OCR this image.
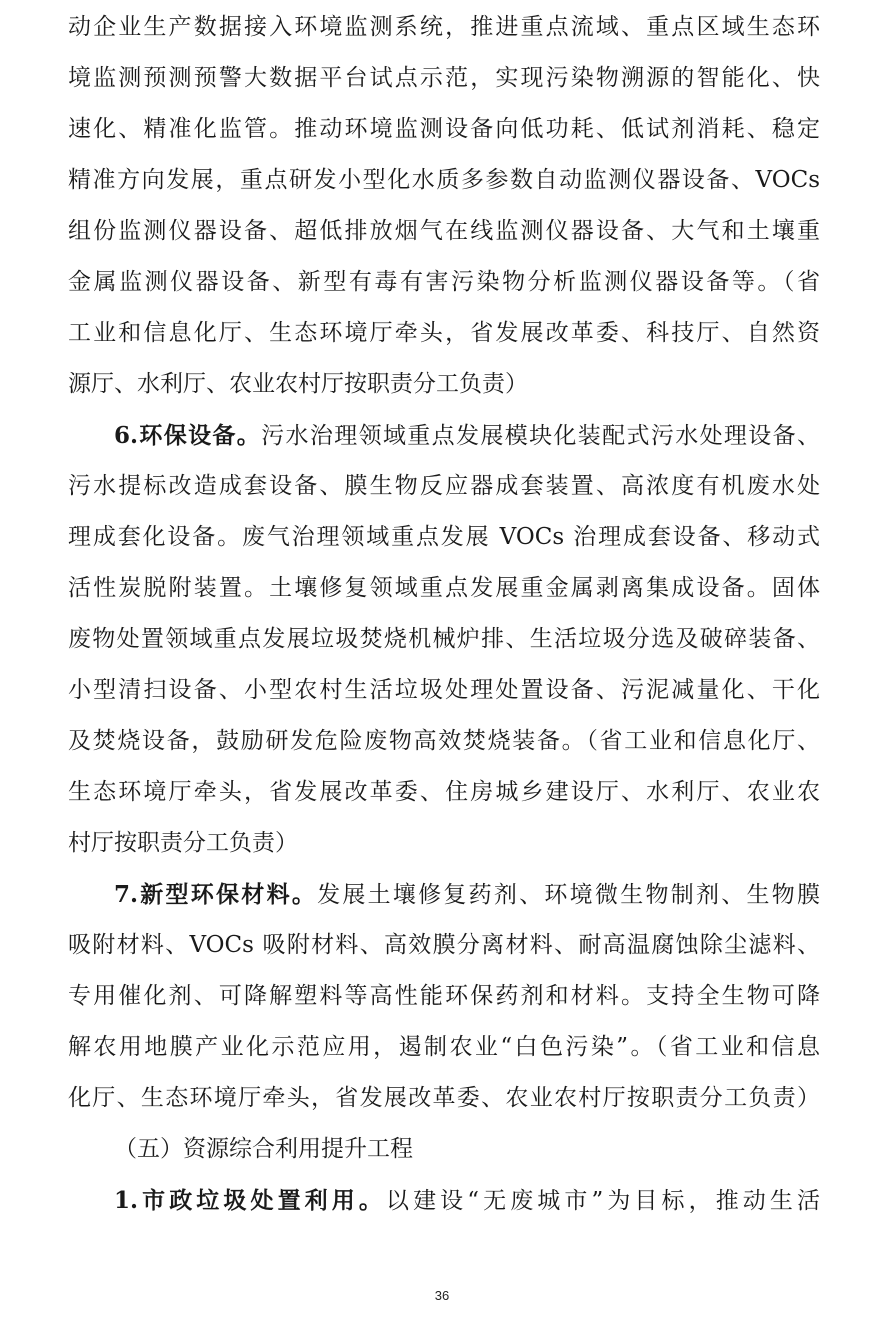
动企业生产数据接入环境监测系统，推进重点流域、重点区域生态环
境监测预测预警大数据平台试点示范，实现污染物溯源的智能化、快
速化、精准化监管。推动环境监测设备向低功耗、低试剂消耗、稳定
精准方向发展，重点研发小型化水质多参数自动监测仪器设备、VOCs
组份监测仪器设备、超低排放烟气在线监测仪器设备、大气和土壤重
金属监测仪器设备、新型有毒有害污染物分析监测仪器设备等。（省
工业和信息化厅、生态环境厅牵头，省发展改革委、科技厅、自然资
源厅、水利厅、农业农村厅按职责分工负责）
6.环保设备。污水治理领域重点发展模块化装配式污水处理设备、
污水提标改造成套设备、膜生物反应器成套装置、高浓度有机废水处
理成套化设备。废气治理领域重点发展 VOCs 治理成套设备、移动式
活性炭脱附装置。土壤修复领域重点发展重金属剥离集成设备。固体
废物处置领域重点发展垃圾焚烧机械炉排、生活垃圾分选及破碎装备、
小型清扫设备、小型农村生活垃圾处理处置设备、污泥减量化、干化
及焚烧设备，鼓励研发危险废物高效焚烧装备。（省工业和信息化厅、
生态环境厅牵头，省发展改革委、住房城乡建设厅、水利厅、农业农
村厅按职责分工负责）
7.新型环保材料。发展土壤修复药剂、环境微生物制剂、生物膜
吸附材料、VOCs 吸附材料、高效膜分离材料、耐高温腐蚀除尘滤料、
专用催化剂、可降解塑料等高性能环保药剂和材料。支持全生物可降
解农用地膜产业化示范应用，遏制农业“白色污染”。（省工业和信息
化厅、生态环境厅牵头，省发展改革委、农业农村厅按职责分工负责）
（五）资源综合利用提升工程
1.市政垃圾处置利用。以建设“无废城市”为目标，推动生活
36
